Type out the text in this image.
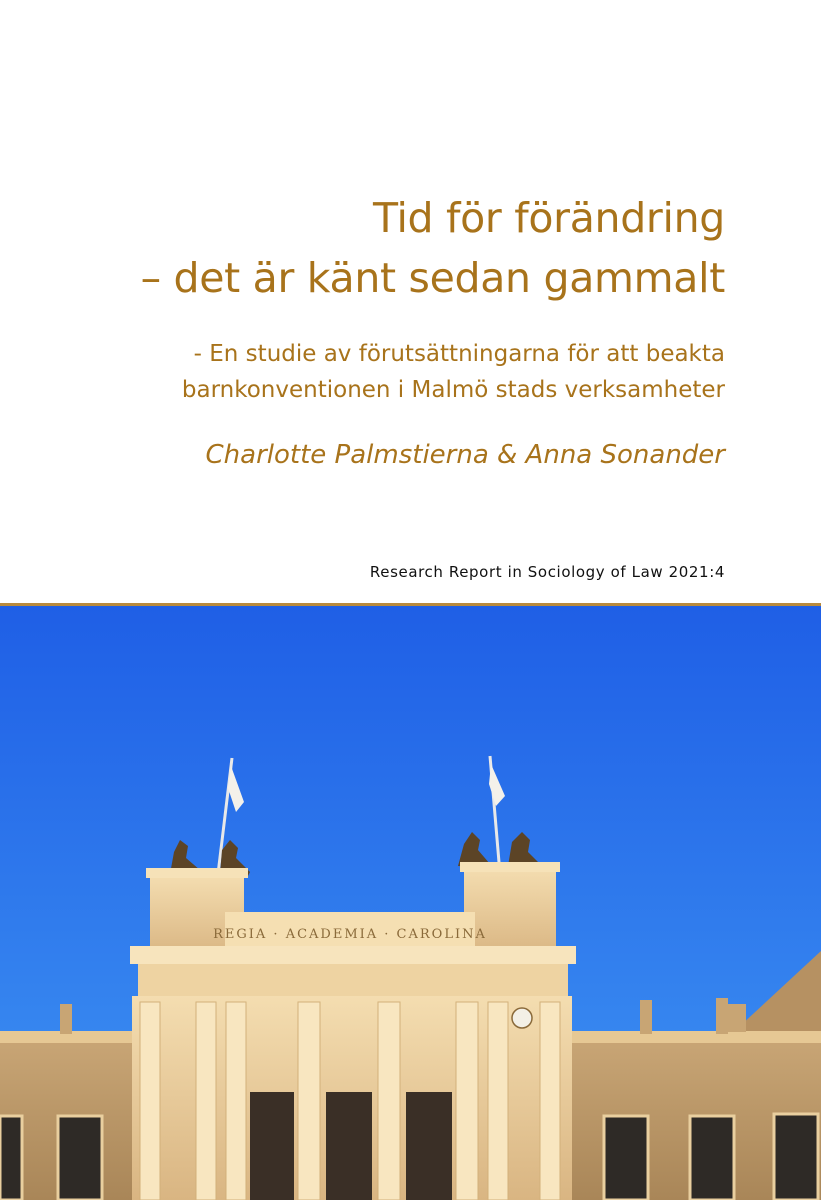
Tid för förändring
– det är känt sedan gammalt
- En studie av förutsättningarna för att beakta
barnkonventionen i Malmö stads verksamheter
Charlotte Palmstierna & Anna Sonander
Research Report in Sociology of Law 2021:4
REGIA · ACADEMIA · CAROLINA
